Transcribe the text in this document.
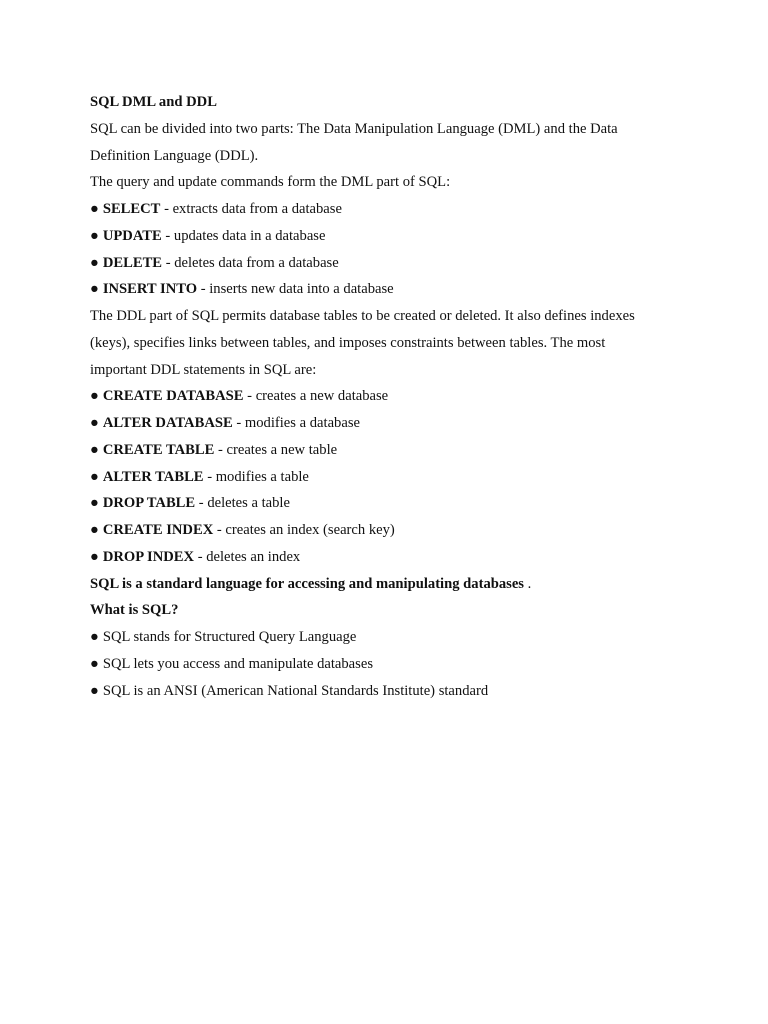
SQL DML and DDL
SQL can be divided into two parts: The Data Manipulation Language (DML) and the Data
Definition Language (DDL).
The query and update commands form the DML part of SQL:
● SELECT - extracts data from a database
● UPDATE - updates data in a database
● DELETE - deletes data from a database
● INSERT INTO - inserts new data into a database
The DDL part of SQL permits database tables to be created or deleted. It also defines indexes
(keys), specifies links between tables, and imposes constraints between tables. The most
important DDL statements in SQL are:
● CREATE DATABASE - creates a new database
● ALTER DATABASE - modifies a database
● CREATE TABLE - creates a new table
● ALTER TABLE - modifies a table
● DROP TABLE - deletes a table
● CREATE INDEX - creates an index (search key)
● DROP INDEX - deletes an index
SQL is a standard language for accessing and manipulating databases .
What is SQL?
● SQL stands for Structured Query Language
● SQL lets you access and manipulate databases
● SQL is an ANSI (American National Standards Institute) standard
